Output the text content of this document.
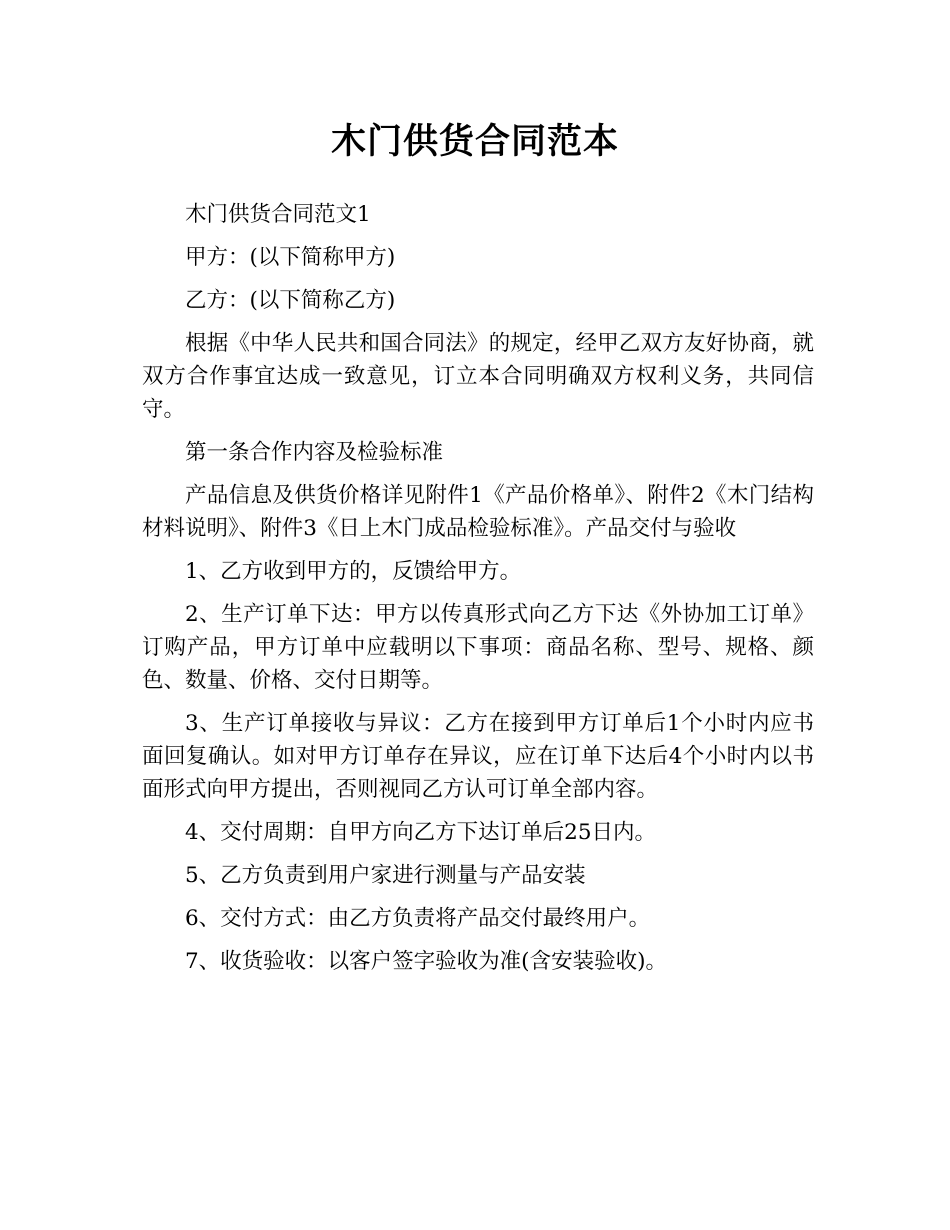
木门供货合同范本

木门供货合同范文1

甲方：(以下简称甲方)

乙方：(以下简称乙方)

根据《中华人民共和国合同法》的规定，经甲乙双方友好协商，就双方合作事宜达成一致意见，订立本合同明确双方权利义务，共同信守。

第一条合作内容及检验标准

产品信息及供货价格详见附件1《产品价格单》、附件2《木门结构材料说明》、附件3《日上木门成品检验标准》。产品交付与验收

1、乙方收到甲方的，反馈给甲方。

2、生产订单下达：甲方以传真形式向乙方下达《外协加工订单》订购产品，甲方订单中应载明以下事项：商品名称、型号、规格、颜色、数量、价格、交付日期等。

3、生产订单接收与异议：乙方在接到甲方订单后1个小时内应书面回复确认。如对甲方订单存在异议，应在订单下达后4个小时内以书面形式向甲方提出，否则视同乙方认可订单全部内容。

4、交付周期：自甲方向乙方下达订单后25日内。

5、乙方负责到用户家进行测量与产品安装

6、交付方式：由乙方负责将产品交付最终用户。

7、收货验收：以客户签字验收为准(含安装验收)。
